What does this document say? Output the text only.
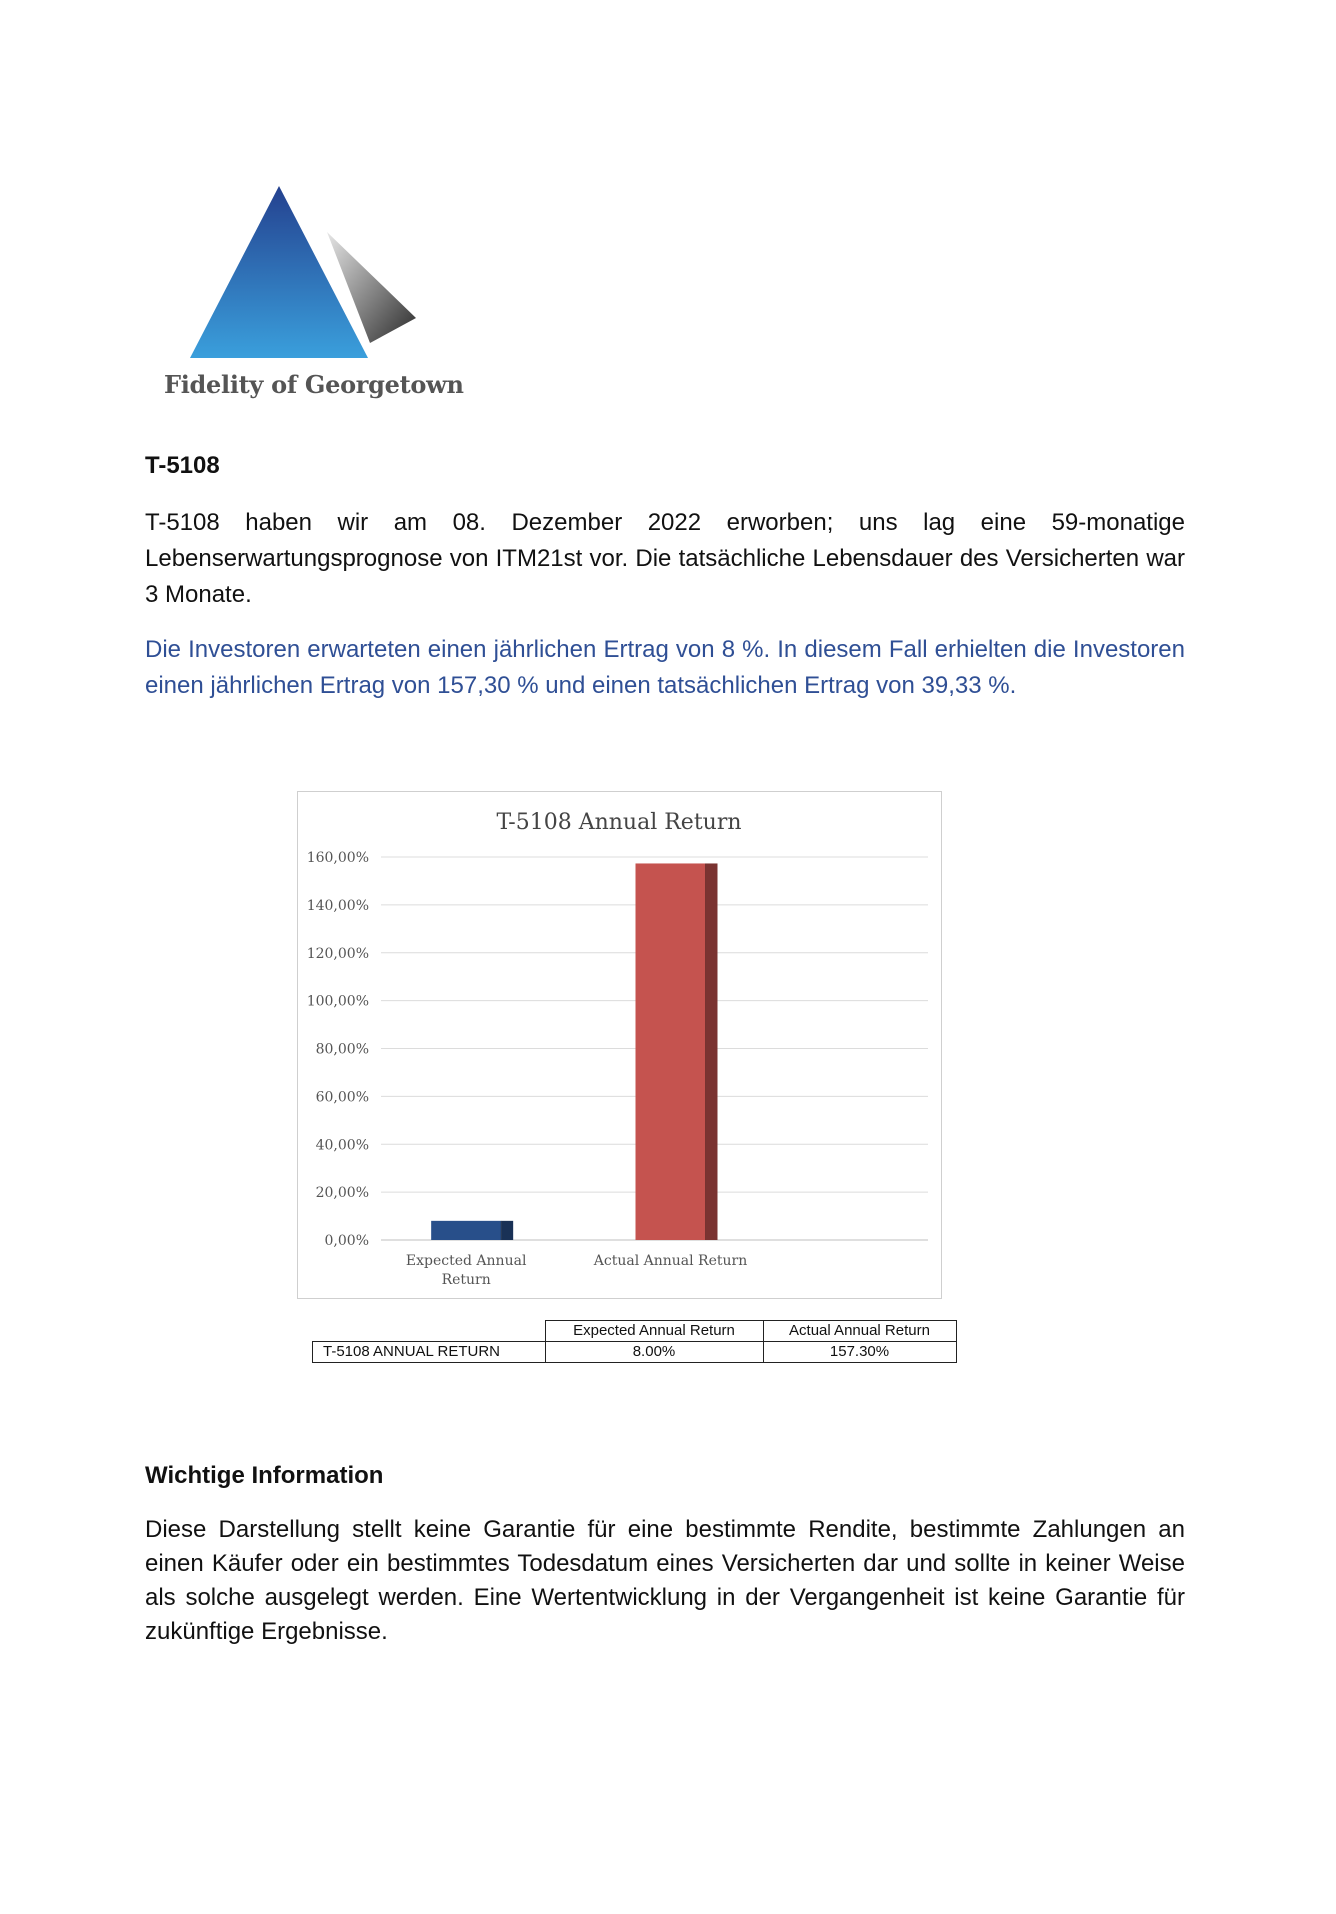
Fidelity of Georgetown
T-5108
T-5108 haben wir am 08. Dezember 2022 erworben; uns lag eine 59-monatige Lebenserwartungsprognose von ITM21st vor. Die tatsächliche Lebensdauer des Versicherten war 3 Monate.
Die Investoren erwarteten einen jährlichen Ertrag von 8 %. In diesem Fall erhielten die Investoren einen jährlichen Ertrag von 157,30 % und einen tatsächlichen Ertrag von 39,33 %.
T-5108 Annual Return
0,00%
20,00%
40,00%
60,00%
80,00%
100,00%
120,00%
140,00%
160,00%
Expected Annual
Return
Actual Annual Return
	Expected Annual Return	Actual Annual Return
T-5108 ANNUAL RETURN	8.00%	157.30%
Wichtige Information
Diese Darstellung stellt keine Garantie für eine bestimmte Rendite, bestimmte Zahlungen an einen Käufer oder ein bestimmtes Todesdatum eines Versicherten dar und sollte in keiner Weise als solche ausgelegt werden. Eine Wertentwicklung in der Vergangenheit ist keine Garantie für zukünftige Ergebnisse.
